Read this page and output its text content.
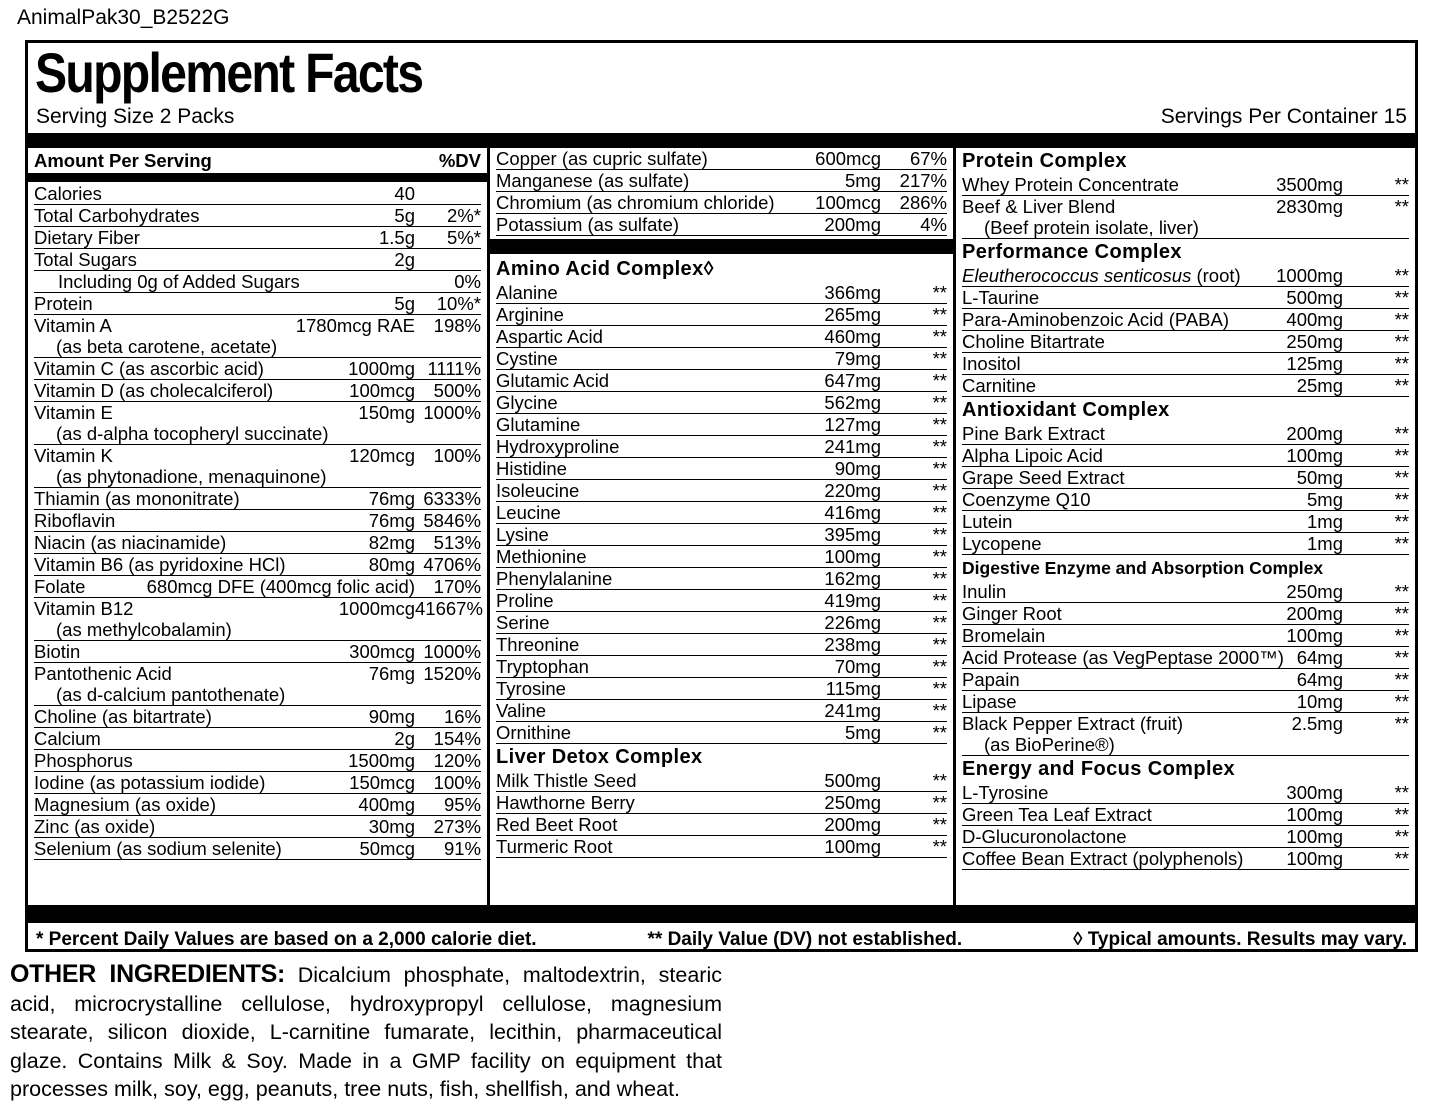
AnimalPak30_B2522G
Supplement Facts
Serving Size 2 Packs	Servings Per Container 15
Amount Per Serving	%DV
Calories	40
Total Carbohydrates	5g	2%*
Dietary Fiber	1.5g	5%*
Total Sugars	2g
Including 0g of Added Sugars	0%
Protein	5g	10%*
Vitamin A	1780mcg RAE	198%
(as beta carotene, acetate)
Vitamin C (as ascorbic acid)	1000mg 1111%
Vitamin D (as cholecalciferol)	100mcg	500%
Vitamin E	150mg 1000%
(as d-alpha tocopheryl succinate)
Vitamin K	120mcg	100%
(as phytonadione, menaquinone)
Thiamin (as mononitrate)	76mg 6333%
Riboflavin	76mg 5846%
Niacin (as niacinamide)	82mg	513%
Vitamin B6 (as pyridoxine HCl)	80mg 4706%
Folate	680mcg DFE (400mcg folic acid)	170%
Vitamin B12	1000mcg 41667%
(as methylcobalamin)
Biotin	300mcg 1000%
Pantothenic Acid	76mg 1520%
(as d-calcium pantothenate)
Choline (as bitartrate)	90mg	16%
Calcium	2g	154%
Phosphorus	1500mg	120%
Iodine (as potassium iodide)	150mcg	100%
Magnesium (as oxide)	400mg	95%
Zinc (as oxide)	30mg	273%
Selenium (as sodium selenite)	50mcg	91%
Copper (as cupric sulfate)	600mcg	67%
Manganese (as sulfate)	5mg	217%
Chromium (as chromium chloride)	100mcg	286%
Potassium (as sulfate)	200mg	4%
Amino Acid Complex◊
Alanine	366mg	**
Arginine	265mg	**
Aspartic Acid	460mg	**
Cystine	79mg	**
Glutamic Acid	647mg	**
Glycine	562mg	**
Glutamine	127mg	**
Hydroxyproline	241mg	**
Histidine	90mg	**
Isoleucine	220mg	**
Leucine	416mg	**
Lysine	395mg	**
Methionine	100mg	**
Phenylalanine	162mg	**
Proline	419mg	**
Serine	226mg	**
Threonine	238mg	**
Tryptophan	70mg	**
Tyrosine	115mg	**
Valine	241mg	**
Ornithine	5mg	**
Liver Detox Complex
Milk Thistle Seed	500mg	**
Hawthorne Berry	250mg	**
Red Beet Root	200mg	**
Turmeric Root	100mg	**
Protein Complex
Whey Protein Concentrate	3500mg	**
Beef & Liver Blend	2830mg	**
(Beef protein isolate, liver)
Performance Complex
Eleutherococcus senticosus (root)	1000mg	**
L-Taurine	500mg	**
Para-Aminobenzoic Acid (PABA)	400mg	**
Choline Bitartrate	250mg	**
Inositol	125mg	**
Carnitine	25mg	**
Antioxidant Complex
Pine Bark Extract	200mg	**
Alpha Lipoic Acid	100mg	**
Grape Seed Extract	50mg	**
Coenzyme Q10	5mg	**
Lutein	1mg	**
Lycopene	1mg	**
Digestive Enzyme and Absorption Complex
Inulin	250mg	**
Ginger Root	200mg	**
Bromelain	100mg	**
Acid Protease (as VegPeptase 2000™) 64mg	**
Papain	64mg	**
Lipase	10mg	**
Black Pepper Extract (fruit)	2.5mg	**
(as BioPerine®)
Energy and Focus Complex
L-Tyrosine	300mg	**
Green Tea Leaf Extract	100mg	**
D-Glucuronolactone	100mg	**
Coffee Bean Extract (polyphenols)	100mg	**
* Percent Daily Values are based on a 2,000 calorie diet.	** Daily Value (DV) not established.	◊ Typical amounts. Results may vary.

OTHER INGREDIENTS: Dicalcium phosphate, maltodextrin, stearic acid, microcrystalline cellulose, hydroxypropyl cellulose, magnesium stearate, silicon dioxide, L-carnitine fumarate, lecithin, pharmaceutical glaze. Contains Milk & Soy. Made in a GMP facility on equipment that processes milk, soy, egg, peanuts, tree nuts, fish, shellfish, and wheat.
